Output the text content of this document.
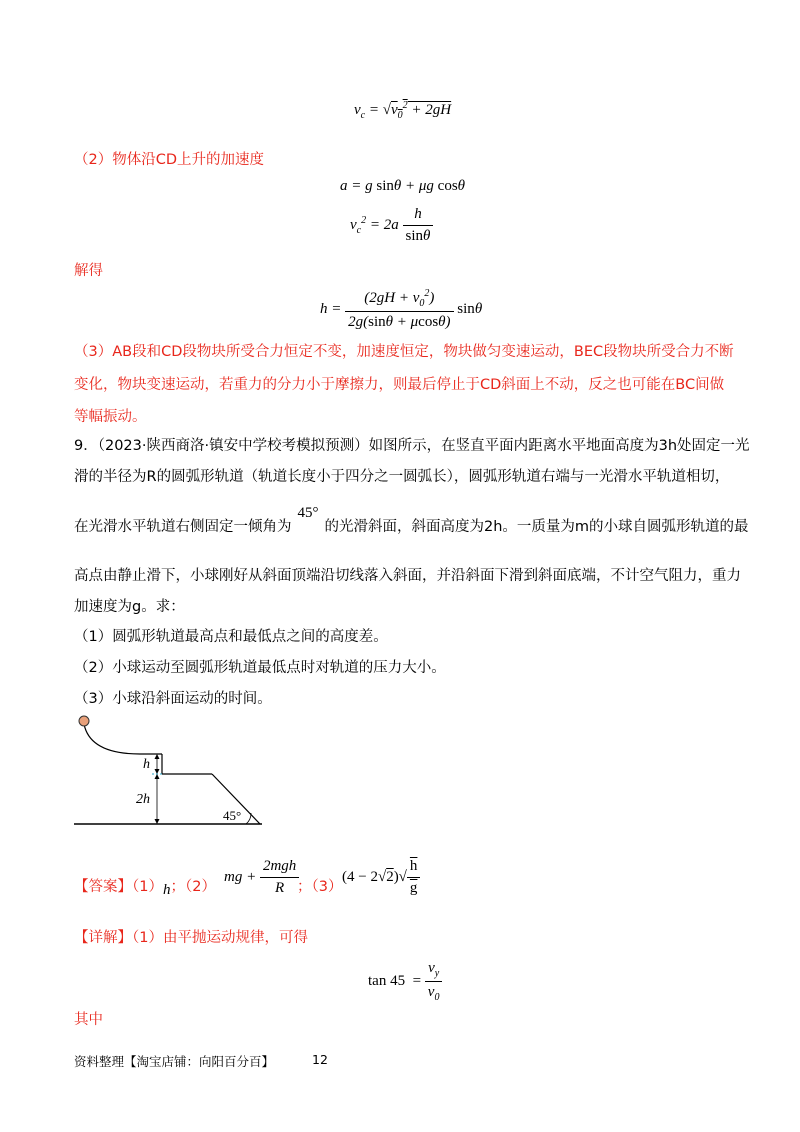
$v_c = √v_0^2 + 2gH$
（2）物体沿CD上升的加速度
a = g sinθ + μg cosθ
$v_c^2 = 2a \frac{h}{\sin\theta}$
解得
$h = \frac{(2gH + v_0^2)}{2g(\sin\theta + \mu\cos\theta)}$ sinθ
（3）AB段和CD段物块所受合力恒定不变，加速度恒定，物块做匀变速运动，BEC段物块所受合力不断
变化，物块变速运动，若重力的分力小于摩擦力，则最后停止于CD斜面上不动，反之也可能在BC间做
等幅振动。
9．（2023·陕西商洛·镇安中学校考模拟预测）如图所示，在竖直平面内距离水平地面高度为3h处固定一光
滑的半径为R的圆弧形轨道（轨道长度小于四分之一圆弧长），圆弧形轨道右端与一光滑水平轨道相切，
在光滑水平轨道右侧固定一倾角为45°的光滑斜面，斜面高度为2h。一质量为m的小球自圆弧形轨道的最
高点由静止滑下，小球刚好从斜面顶端沿切线落入斜面，并沿斜面下滑到斜面底端，不计空气阻力，重力
加速度为g。求：
（1）圆弧形轨道最高点和最低点之间的高度差。
（2）小球运动至圆弧形轨道最低点时对轨道的压力大小。
（3）小球沿斜面运动的时间。
h
2h
45°
【答案】（1）h；（2）
mg + $\frac{\text{2mgh}}{R}$
；（3）
$(4 - 2√2)√ \frac{h}{g}$
【详解】（1）由平抛运动规律，可得
$\tan 45 = \frac{v_y}{v_0}$
其中
资料整理【淘宝店铺：向阳百分百】	12
